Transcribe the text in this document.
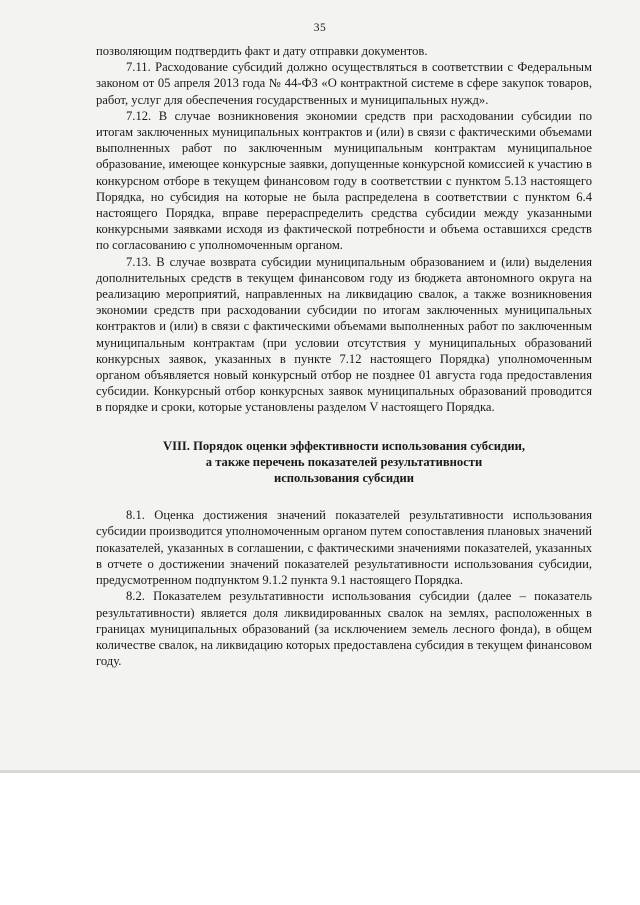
35

позволяющим подтвердить факт и дату отправки документов.

7.11. Расходование субсидий должно осуществляться в соответствии с Федеральным законом от 05 апреля 2013 года № 44-ФЗ «О контрактной системе в сфере закупок товаров, работ, услуг для обеспечения государственных и муниципальных нужд».

7.12. В случае возникновения экономии средств при расходовании субсидии по итогам заключенных муниципальных контрактов и (или) в связи с фактическими объемами выполненных работ по заключенным муниципальным контрактам муниципальное образование, имеющее конкурсные заявки, допущенные конкурсной комиссией к участию в конкурсном отборе в текущем финансовом году в соответствии с пунктом 5.13 настоящего Порядка, но субсидия на которые не была распределена в соответствии с пунктом 6.4 настоящего Порядка, вправе перераспределить средства субсидии между указанными конкурсными заявками исходя из фактической потребности и объема оставшихся средств по согласованию с уполномоченным органом.

7.13. В случае возврата субсидии муниципальным образованием и (или) выделения дополнительных средств в текущем финансовом году из бюджета автономного округа на реализацию мероприятий, направленных на ликвидацию свалок, а также возникновения экономии средств при расходовании субсидии по итогам заключенных муниципальных контрактов и (или) в связи с фактическими объемами выполненных работ по заключенным муниципальным контрактам (при условии отсутствия у муниципальных образований конкурсных заявок, указанных в пункте 7.12 настоящего Порядка) уполномоченным органом объявляется новый конкурсный отбор не позднее 01 августа года предоставления субсидии. Конкурсный отбор конкурсных заявок муниципальных образований проводится в порядке и сроки, которые установлены разделом V настоящего Порядка.

VIII. Порядок оценки эффективности использования субсидии,
а также перечень показателей результативности
использования субсидии

8.1. Оценка достижения значений показателей результативности использования субсидии производится уполномоченным органом путем сопоставления плановых значений показателей, указанных в соглашении, с фактическими значениями показателей, указанных в отчете о достижении значений показателей результативности использования субсидии, предусмотренном подпунктом 9.1.2 пункта 9.1 настоящего Порядка.

8.2. Показателем результативности использования субсидии (далее – показатель результативности) является доля ликвидированных свалок на землях, расположенных в границах муниципальных образований (за исключением земель лесного фонда), в общем количестве свалок, на ликвидацию которых предоставлена субсидия в текущем финансовом году.
